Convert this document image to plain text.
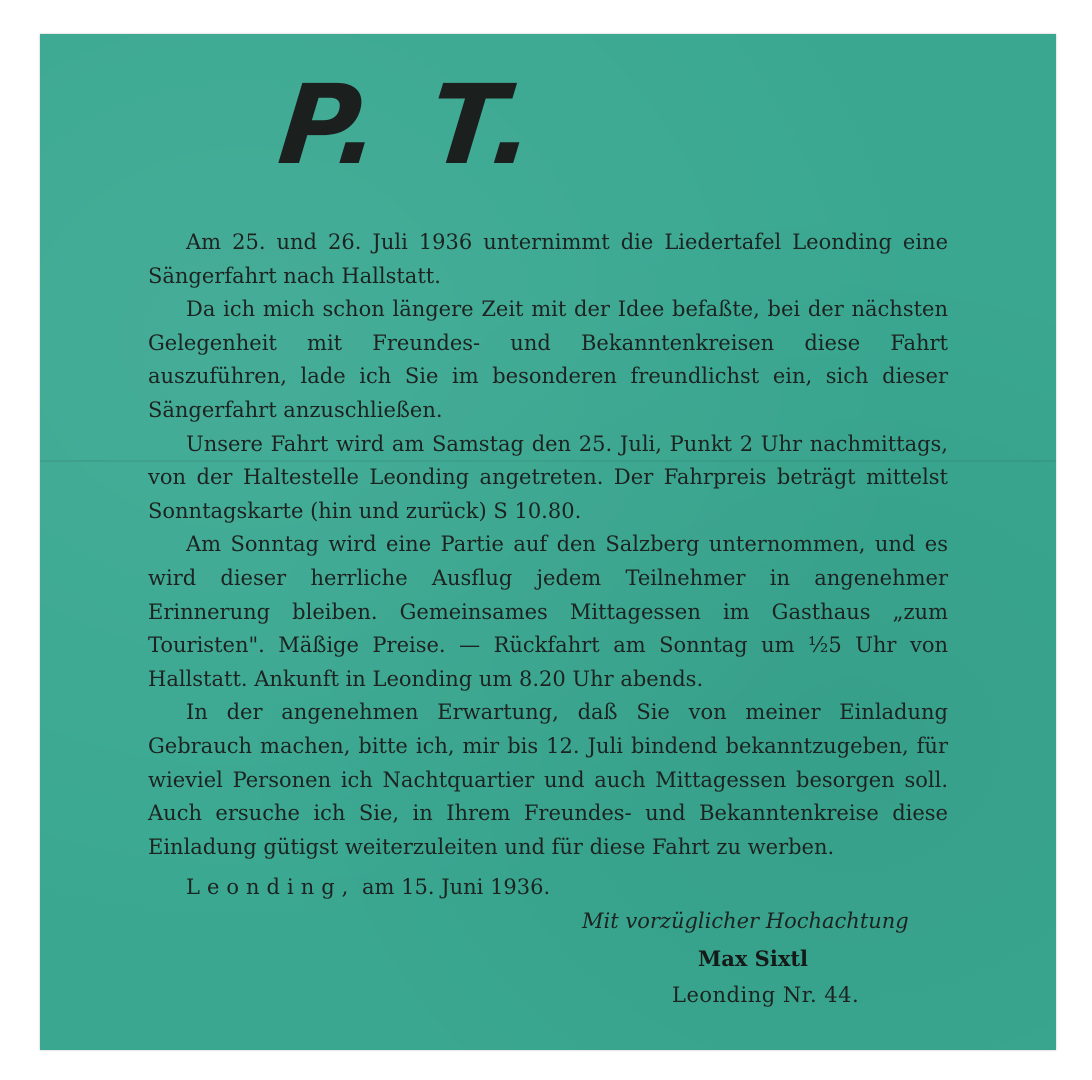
P. T.

Am 25. und 26. Juli 1936 unternimmt die Liedertafel Leonding eine Sängerfahrt nach Hallstatt.

Da ich mich schon längere Zeit mit der Idee befaßte, bei der nächsten Gelegenheit mit Freundes- und Bekanntenkreisen diese Fahrt auszuführen, lade ich Sie im besonderen freundlichst ein, sich dieser Sängerfahrt anzuschließen.

Unsere Fahrt wird am Samstag den 25. Juli, Punkt 2 Uhr nachmittags, von der Haltestelle Leonding angetreten. Der Fahrpreis beträgt mittelst Sonntagskarte (hin und zurück) S 10.80.

Am Sonntag wird eine Partie auf den Salzberg unternommen, und es wird dieser herrliche Ausflug jedem Teilnehmer in angenehmer Erinnerung bleiben. Gemeinsames Mittagessen im Gasthaus „zum Touristen". Mäßige Preise. — Rückfahrt am Sonntag um ½5 Uhr von Hallstatt. Ankunft in Leonding um 8.20 Uhr abends.

In der angenehmen Erwartung, daß Sie von meiner Einladung Gebrauch machen, bitte ich, mir bis 12. Juli bindend bekanntzugeben, für wieviel Personen ich Nachtquartier und auch Mittagessen besorgen soll. Auch ersuche ich Sie, in Ihrem Freundes- und Bekanntenkreise diese Einladung gütigst weiterzuleiten und für diese Fahrt zu werben.

Leonding, am 15. Juni 1936.
Mit vorzüglicher Hochachtung
Max Sixtl
Leonding Nr. 44.
